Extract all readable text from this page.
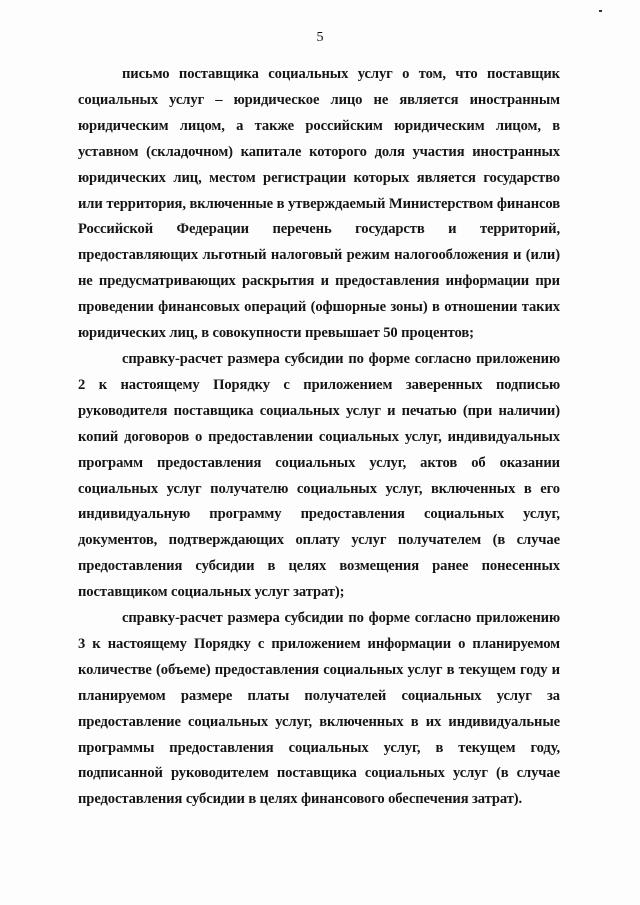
5

письмо поставщика социальных услуг о том, что поставщик социальных услуг – юридическое лицо не является иностранным юридическим лицом, а также российским юридическим лицом, в уставном (складочном) капитале которого доля участия иностранных юридических лиц, местом регистрации которых является государство или территория, включенные в утверждаемый Министерством финансов Российской Федерации перечень государств и территорий, предоставляющих льготный налоговый режим налогообложения и (или) не предусматривающих раскрытия и предоставления информации при проведении финансовых операций (офшорные зоны) в отношении таких юридических лиц, в совокупности превышает 50 процентов;

справку-расчет размера субсидии по форме согласно приложению 2 к настоящему Порядку с приложением заверенных подписью руководителя поставщика социальных услуг и печатью (при наличии) копий договоров о предоставлении социальных услуг, индивидуальных программ предоставления социальных услуг, актов об оказании социальных услуг получателю социальных услуг, включенных в его индивидуальную программу предоставления социальных услуг, документов, подтверждающих оплату услуг получателем (в случае предоставления субсидии в целях возмещения ранее понесенных поставщиком социальных услуг затрат);

справку-расчет размера субсидии по форме согласно приложению 3 к настоящему Порядку с приложением информации о планируемом количестве (объеме) предоставления социальных услуг в текущем году и планируемом размере платы получателей социальных услуг за предоставление социальных услуг, включенных в их индивидуальные программы предоставления социальных услуг, в текущем году, подписанной руководителем поставщика социальных услуг (в случае предоставления субсидии в целях финансового обеспечения затрат).
